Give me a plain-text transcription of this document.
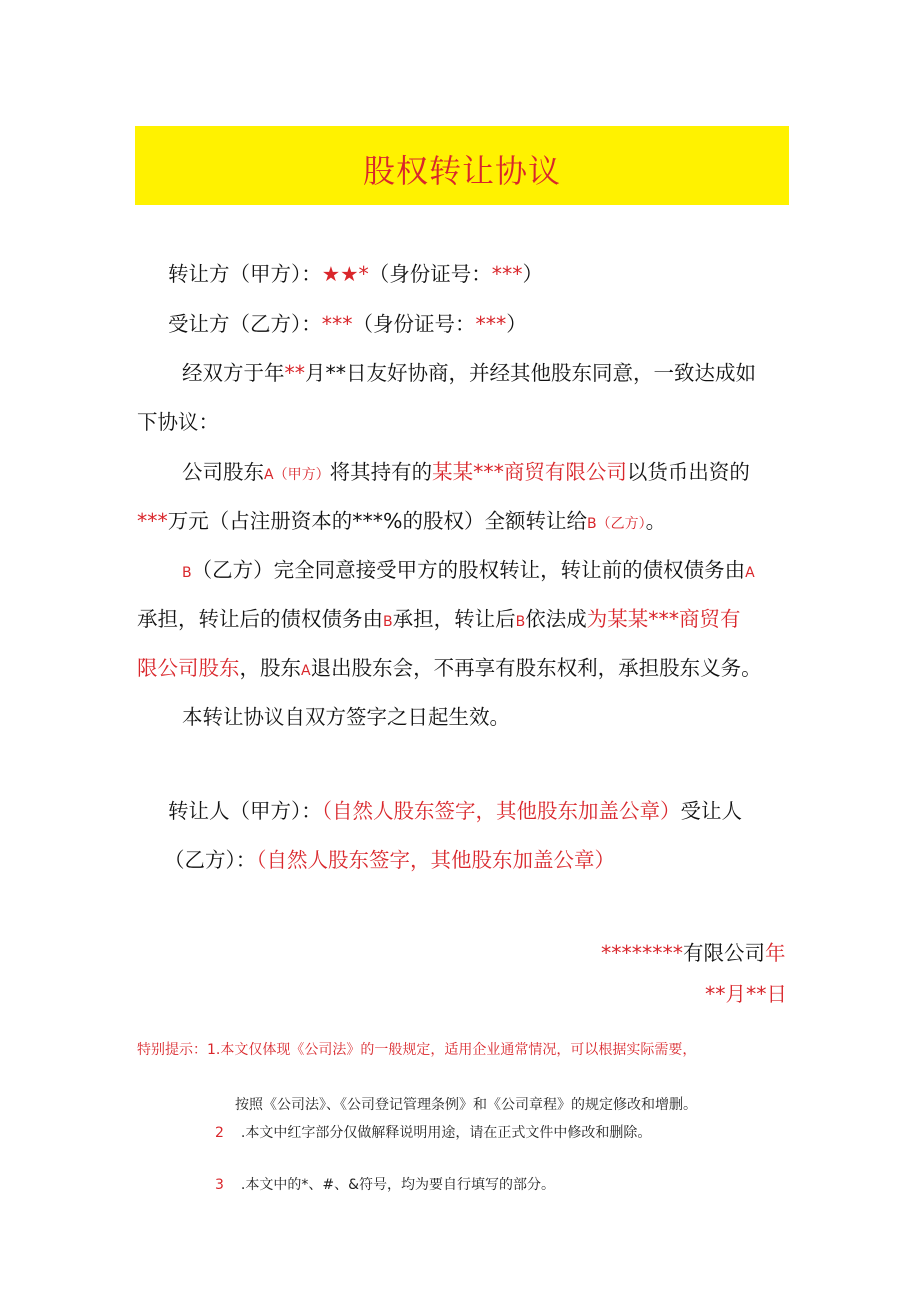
股权转让协议
转让方（甲方）：★★*（身份证号：***）
受让方（乙方）：***（身份证号：***）
经双方于年**月**日友好协商，并经其他股东同意，一致达成如
下协议：
公司股东A（甲方）将其持有的某某***商贸有限公司以货币出资的
***万元（占注册资本的***%的股权）全额转让给B（乙方）。
B（乙方）完全同意接受甲方的股权转让，转让前的债权债务由A
承担，转让后的债权债务由B承担，转让后B依法成为某某***商贸有
限公司股东，股东A退出股东会，不再享有股东权利，承担股东义务。
本转让协议自双方签字之日起生效。
转让人（甲方）：（自然人股东签字，其他股东加盖公章）受让人
（乙方）：（自然人股东签字，其他股东加盖公章）
********有限公司年
**月**日
特别提示：1.本文仅体现《公司法》的一般规定，适用企业通常情况，可以根据实际需要，
按照《公司法》、《公司登记管理条例》和《公司章程》的规定修改和增删。
2 .本文中红字部分仅做解释说明用途，请在正式文件中修改和删除。
3 .本文中的*、#、&符号，均为要自行填写的部分。
